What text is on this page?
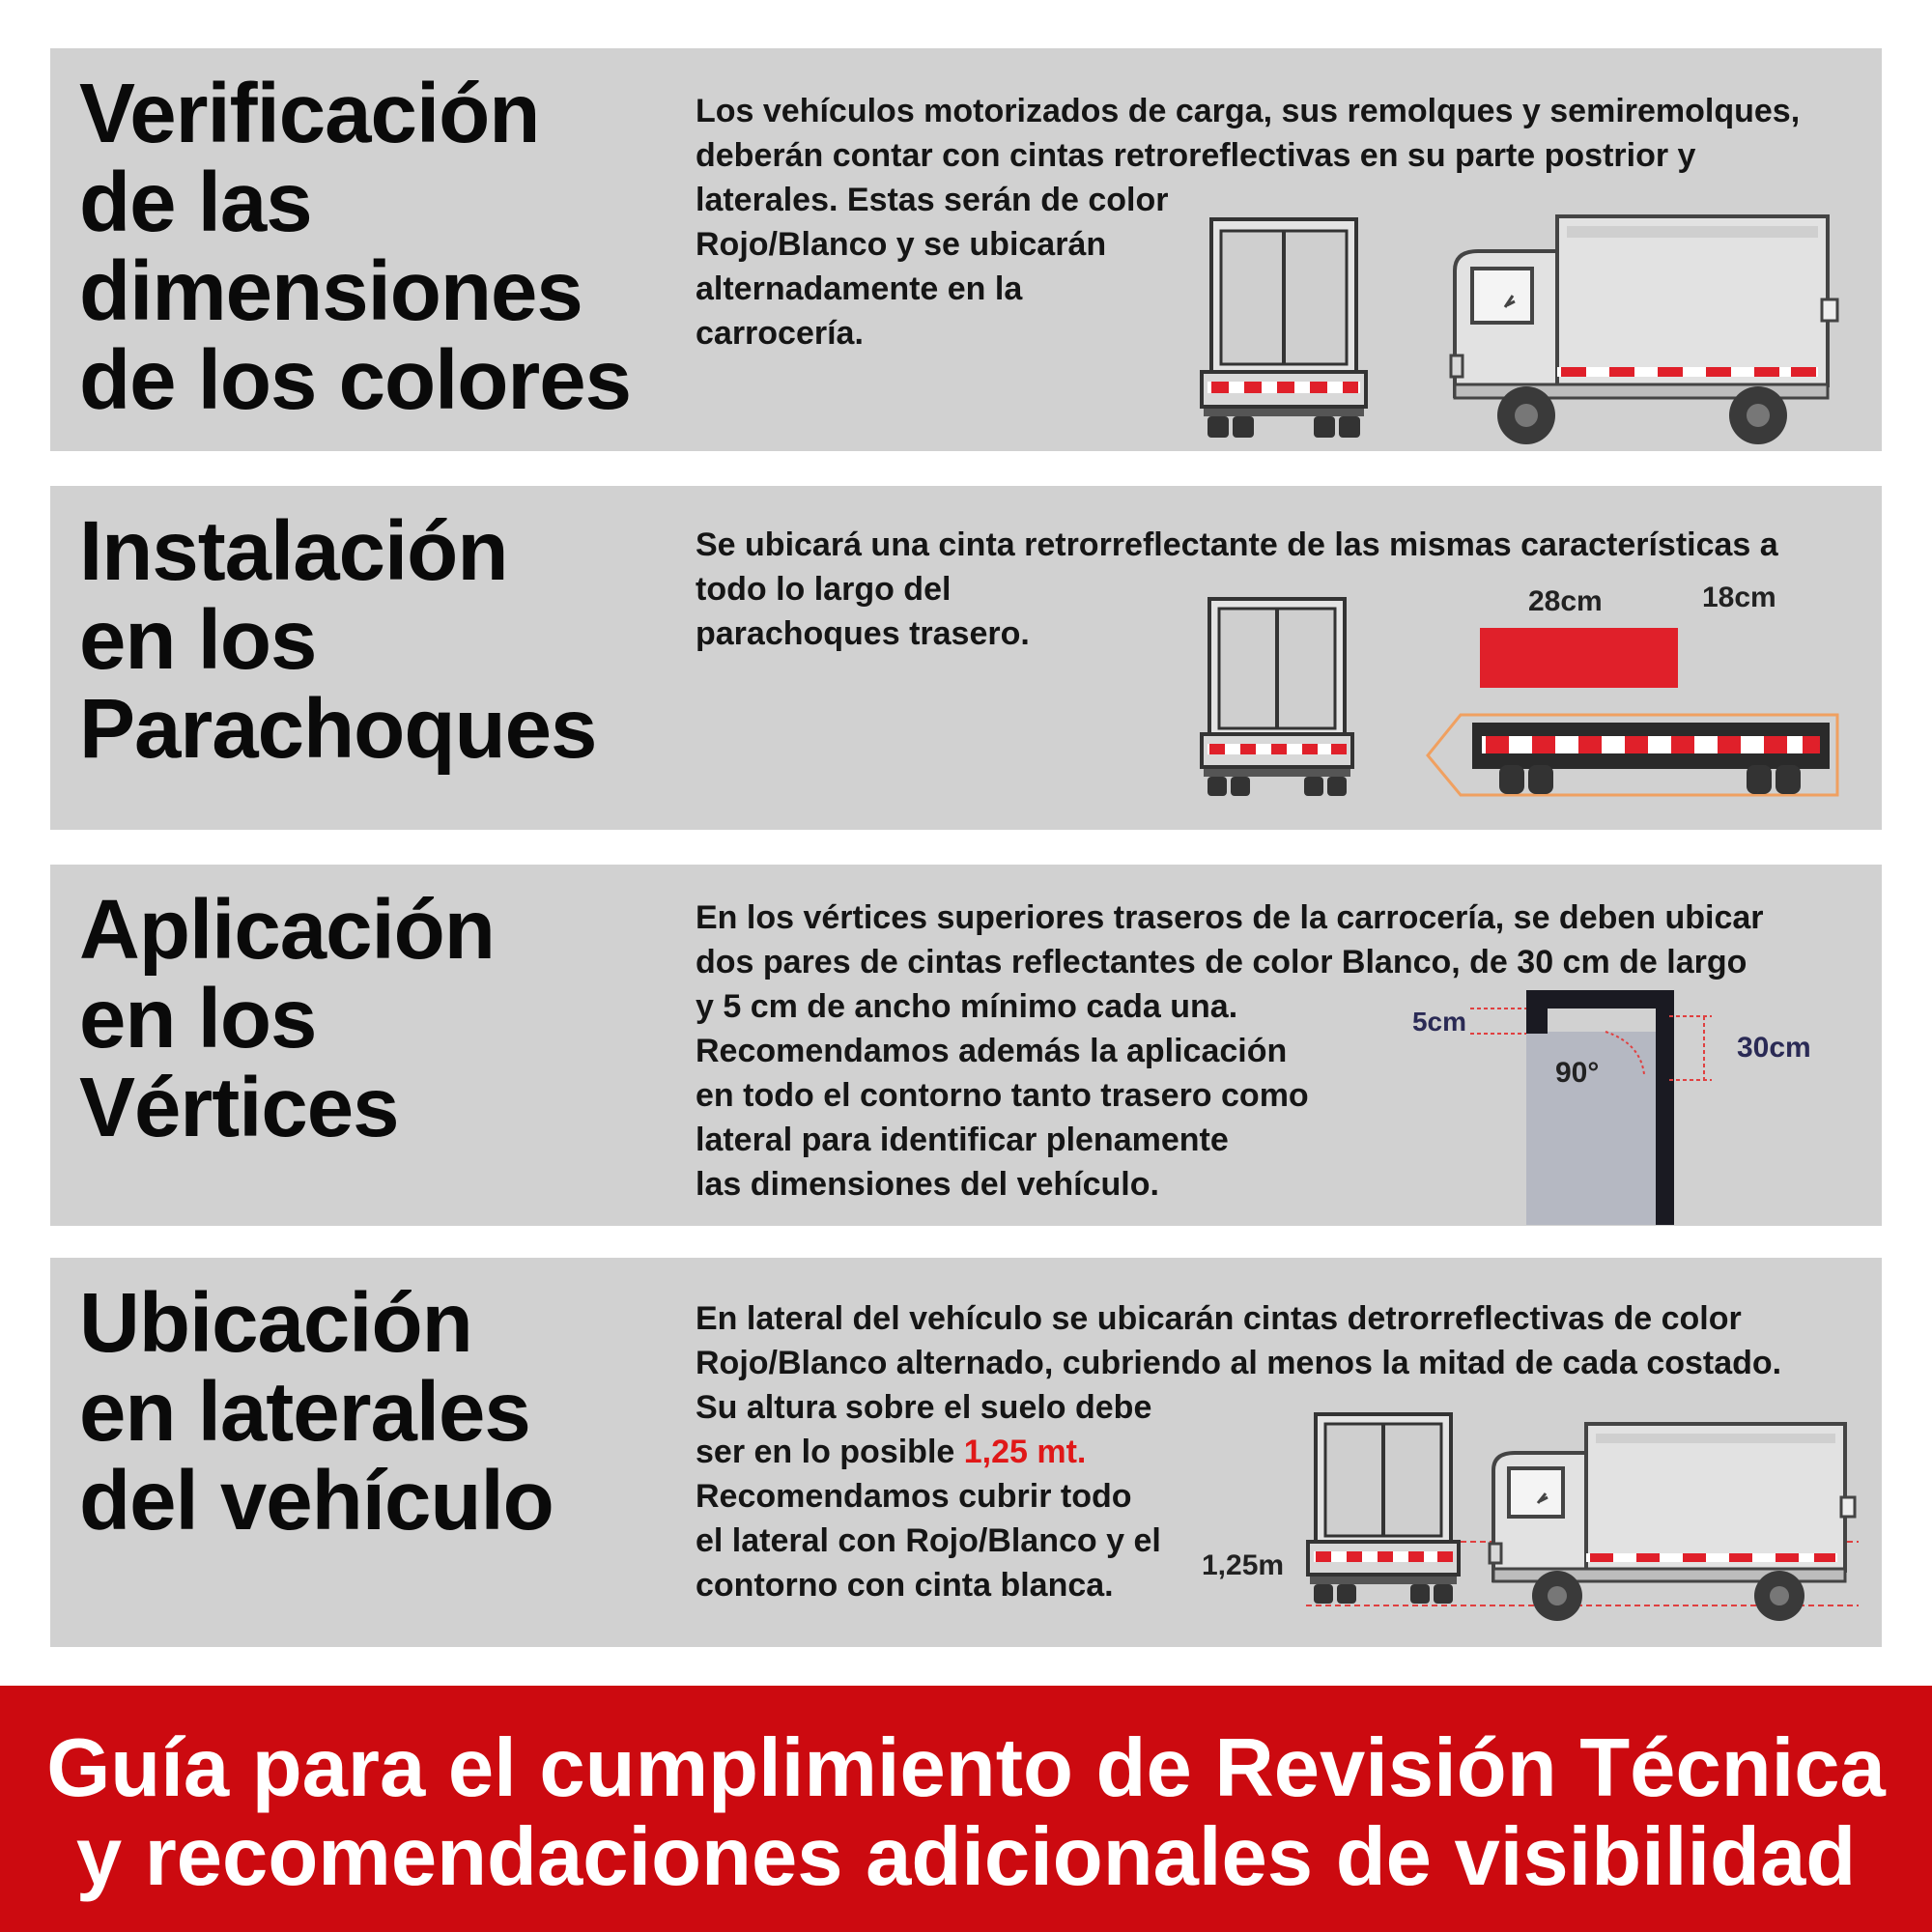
Verificación
de las
dimensiones
de los colores
Los vehículos motorizados de carga, sus remolques y semiremolques,
deberán contar con cintas retroreflectivas en su parte postrior y
laterales. Estas serán de color
Rojo/Blanco y se ubicarán
alternadamente en la
carrocería.
Instalación
en los
Parachoques
Se ubicará una cinta retrorreflectante de las mismas características a
todo lo largo del
parachoques trasero.
28cm	18cm
Aplicación
en los
Vértices
En los vértices superiores traseros de la carrocería, se deben ubicar
dos pares de cintas reflectantes de color Blanco, de 30 cm de largo
y 5 cm de ancho mínimo cada una.
Recomendamos además la aplicación
en todo el contorno tanto trasero como
lateral para identificar plenamente
las dimensiones del vehículo.
5cm
30cm
90°
Ubicación
en laterales
del vehículo
En lateral del vehículo se ubicarán cintas detrorreflectivas de color
Rojo/Blanco alternado, cubriendo al menos la mitad de cada costado.
Su altura sobre el suelo debe
ser en lo posible 1,25 mt.
Recomendamos cubrir todo
el lateral con Rojo/Blanco y el
contorno con cinta blanca.
1,25m

Guía para el cumplimiento de Revisión Técnica

y recomendaciones adicionales de visibilidad
